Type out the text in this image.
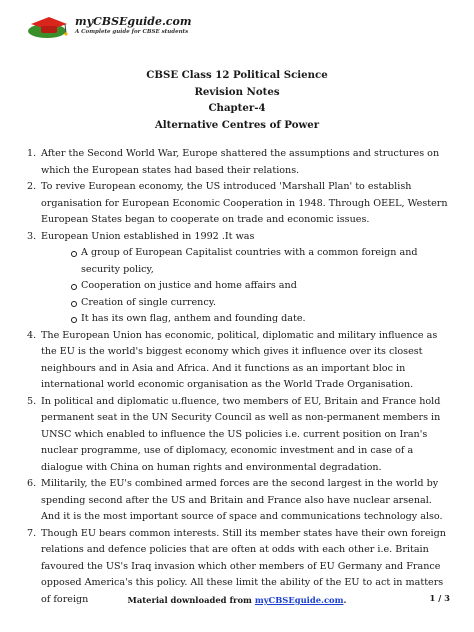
myCBSEguide.com
A Complete guide for CBSE students
CBSE Class 12 Political Science
Revision Notes
Chapter-4
Alternative Centres of Power
1. After the Second World War, Europe shattered the assumptions and structures on which the European states had based their relations.
2. To revive European economy, the US introduced 'Marshall Plan' to establish organisation for European Economic Cooperation in 1948. Through OEEL, Western European States began to cooperate on trade and economic issues.
3. European Union established in 1992 .It was
A group of European Capitalist countries with a common foreign and security policy,
Cooperation on justice and home affairs and
Creation of single currency.
It has its own flag, anthem and founding date.
4. The European Union has economic, political, diplomatic and military influence as the EU is the world's biggest economy which gives it influence over its closest neighbours and in Asia and Africa. And it functions as an important bloc in international world economic organisation as the World Trade Organisation.
5. In political and diplomatic u.fluence, two members of EU, Britain and France hold permanent seat in the UN Security Council as well as non-permanent members in UNSC which enabled to influence the US policies i.e. current position on Iran's nuclear programme, use of diplomacy, economic investment and in case of a dialogue with China on human rights and environmental degradation.
6. Militarily, the EU's combined armed forces are the second largest in the world by spending second after the US and Britain and France also have nuclear arsenal. And it is the most important source of space and communications technology also.
7. Though EU bears common interests. Still its member states have their own foreign relations and defence policies that are often at odds with each other i.e. Britain favoured the US's Iraq invasion which other members of EU Germany and France opposed America's this policy. All these limit the ability of the EU to act in matters of foreign	Material downloaded from myCBSEguide.com.	1 / 3
